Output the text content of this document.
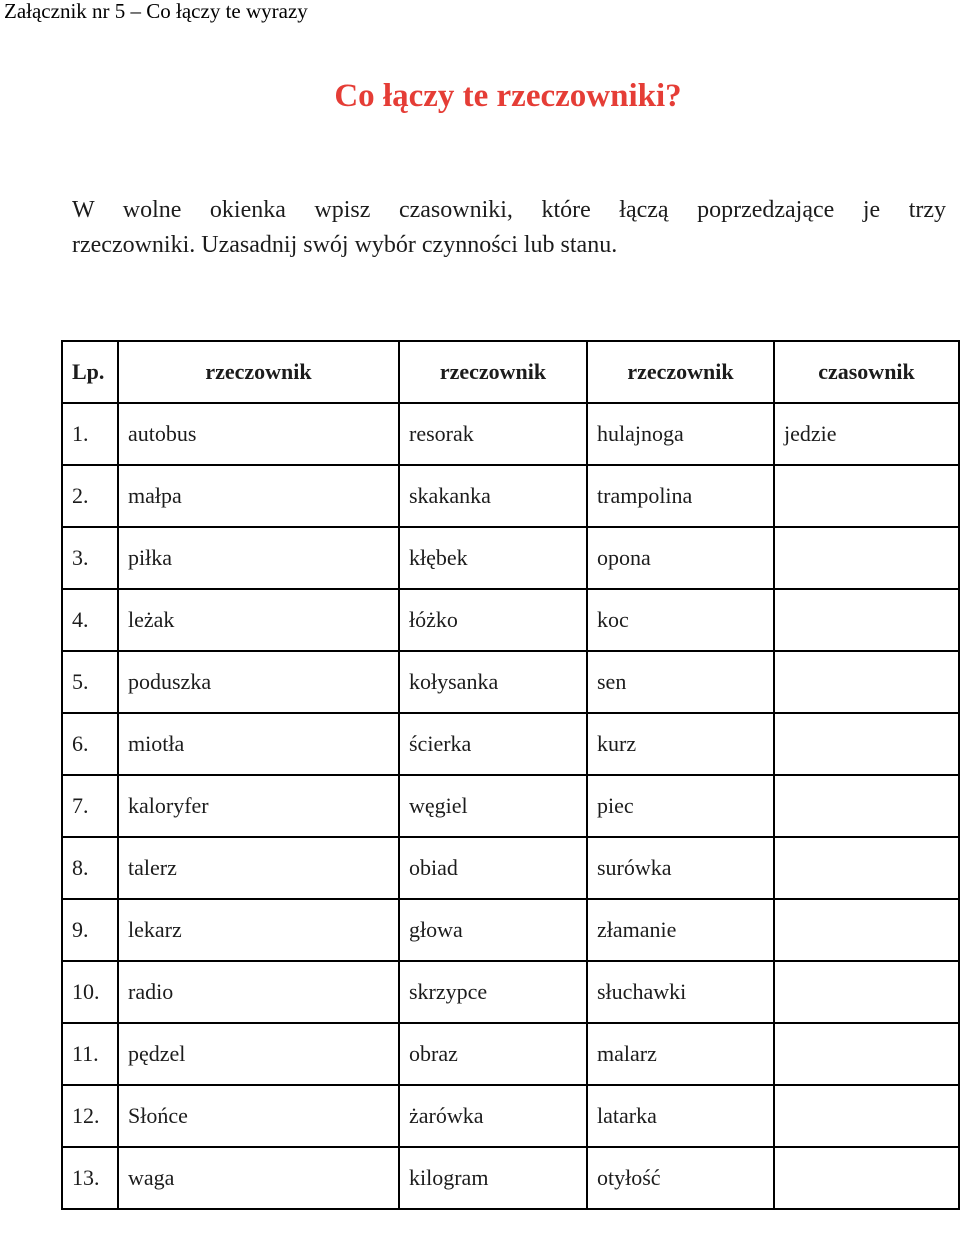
Załącznik nr 5 – Co łączy te wyrazy
Co łączy te rzeczowniki?
W wolne okienka wpisz czasowniki, które łączą poprzedzające je trzy
rzeczowniki. Uzasadnij swój wybór czynności lub stanu.
Lp.	rzeczownik	rzeczownik	rzeczownik	czasownik
1.	autobus	resorak	hulajnoga	jedzie
2.	małpa	skakanka	trampolina	
3.	piłka	kłębek	opona	
4.	leżak	łóżko	koc	
5.	poduszka	kołysanka	sen	
6.	miotła	ścierka	kurz	
7.	kaloryfer	węgiel	piec	
8.	talerz	obiad	surówka	
9.	lekarz	głowa	złamanie	
10.	radio	skrzypce	słuchawki	
11.	pędzel	obraz	malarz	
12.	Słońce	żarówka	latarka	
13.	waga	kilogram	otyłość	
